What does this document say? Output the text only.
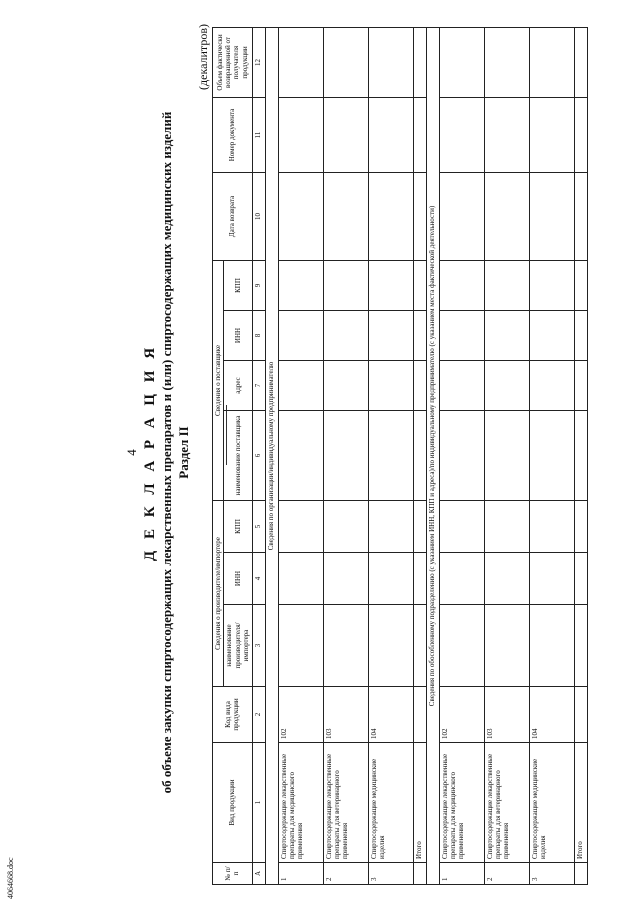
4 Д Е К Л А Р А Ц И Я об объеме закупки спиртосодержащих лекарственных препаратов и (или) спиртосодержащих медицинских изделий Раздел II
(декалитров)
4064668.doc	№ п/п	Вид продукции	Код вида продукции	Сведения о производителе/импортере			Сведения о поставщике				Дата возврата	Номер документа	Объем фактически возвращенной от получателя продукции
			наименование производителя/ импортера	ИНН	КПП	наименование поставщика	адрес	ИНН	КПП			
А	1	2	3	4	5	6	7	8	9	10	11	12
Сведения по организации/индивидуальному предпринимателю												
1	Спиртосодержащие лекарственные препараты для медицинского применения	102										
2	Спиртосодержащие лекарственные препараты для ветеринарного применения	103										
3	Спиртосодержащие медицинские изделия	104										
	Итого											
Сведения по обособленному подразделению (с указанием ИНН, КПП и адреса)/по индивидуальному предпринимателю (с указанием места фактической деятельности)												
1	Спиртосодержащие лекарственные препараты для медицинского применения	102										
2	Спиртосодержащие лекарственные препараты для ветеринарного применения	103										
3	Спиртосодержащие медицинские изделия	104										
	Итого											
